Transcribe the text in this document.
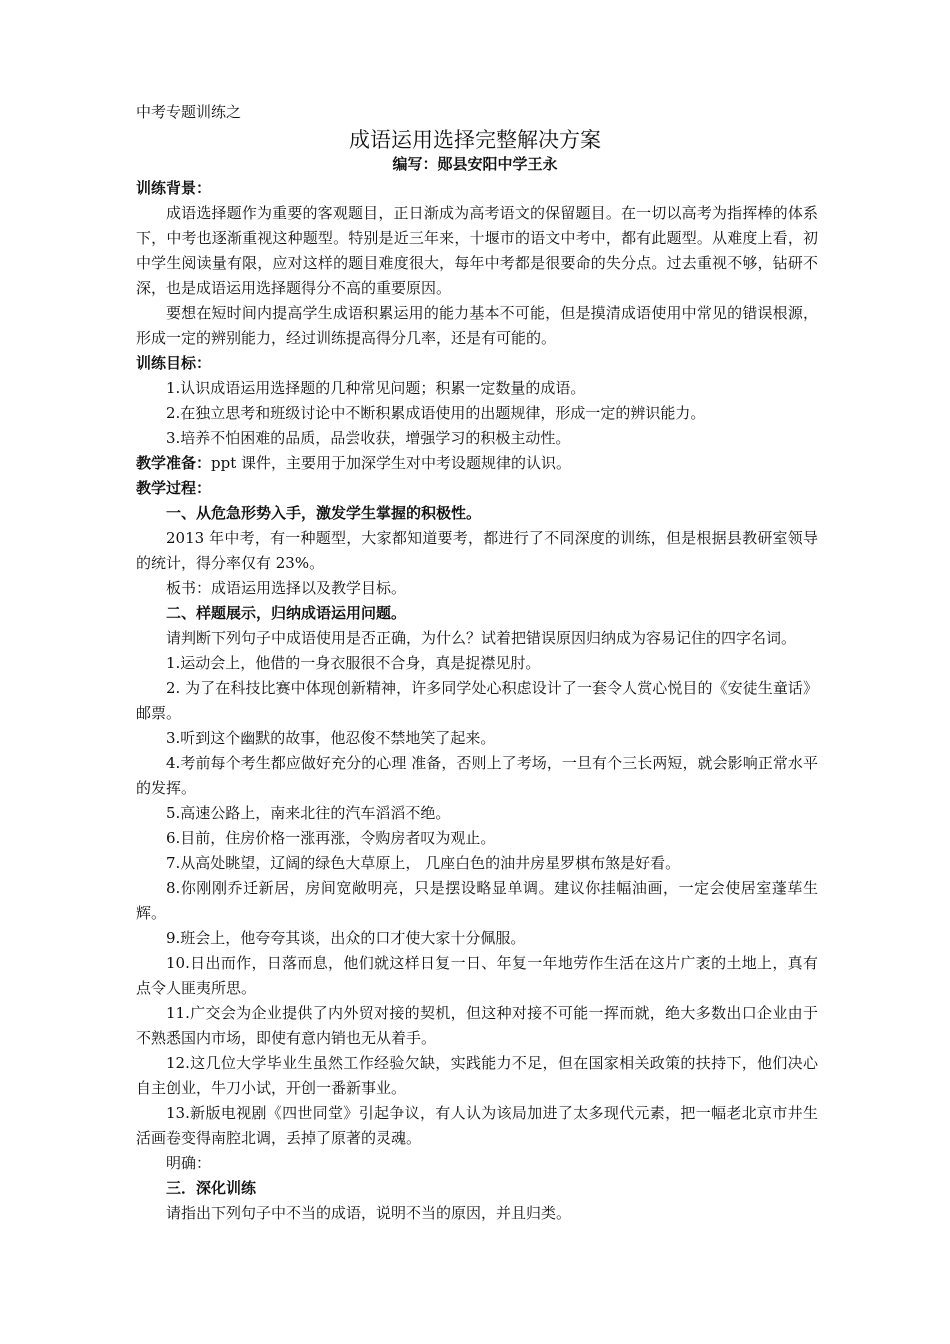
中考专题训练之
成语运用选择完整解决方案
编写：郧县安阳中学王永

训练背景：

成语选择题作为重要的客观题目，正日渐成为高考语文的保留题目。在一切以高考为指挥棒的体系下，中考也逐渐重视这种题型。特别是近三年来，十堰市的语文中考中，都有此题型。从难度上看，初中学生阅读量有限，应对这样的题目难度很大，每年中考都是很要命的失分点。过去重视不够，钻研不深，也是成语运用选择题得分不高的重要原因。

要想在短时间内提高学生成语积累运用的能力基本不可能，但是摸清成语使用中常见的错误根源，形成一定的辨别能力，经过训练提高得分几率，还是有可能的。

训练目标：

1.认识成语运用选择题的几种常见问题；积累一定数量的成语。

2.在独立思考和班级讨论中不断积累成语使用的出题规律，形成一定的辨识能力。

3.培养不怕困难的品质，品尝收获，增强学习的积极主动性。

教学准备：ppt 课件，主要用于加深学生对中考设题规律的认识。

教学过程：

一、从危急形势入手，激发学生掌握的积极性。

2013 年中考，有一种题型，大家都知道要考，都进行了不同深度的训练，但是根据县教研室领导的统计，得分率仅有 23%。

板书：成语运用选择以及教学目标。

二、样题展示，归纳成语运用问题。

请判断下列句子中成语使用是否正确，为什么？试着把错误原因归纳成为容易记住的四字名词。

1.运动会上，他借的一身衣服很不合身，真是捉襟见肘。

2. 为了在科技比赛中体现创新精神，许多同学处心积虑设计了一套令人赏心悦目的《安徒生童话》邮票。

3.听到这个幽默的故事，他忍俊不禁地笑了起来。

4.考前每个考生都应做好充分的心理 准备，否则上了考场，一旦有个三长两短，就会影响正常水平的发挥。

5.高速公路上，南来北往的汽车滔滔不绝。

6.目前，住房价格一涨再涨，令购房者叹为观止。

7.从高处眺望，辽阔的绿色大草原上， 几座白色的油井房星罗棋布煞是好看。

8.你刚刚乔迁新居，房间宽敞明亮，只是摆设略显单调。建议你挂幅油画，一定会使居室蓬荜生辉。

9.班会上，他夸夸其谈，出众的口才使大家十分佩服。

10.日出而作，日落而息，他们就这样日复一日、年复一年地劳作生活在这片广袤的土地上，真有点令人匪夷所思。

11.广交会为企业提供了内外贸对接的契机，但这种对接不可能一挥而就，绝大多数出口企业由于不熟悉国内市场，即使有意内销也无从着手。

12.这几位大学毕业生虽然工作经验欠缺，实践能力不足，但在国家相关政策的扶持下，他们决心自主创业，牛刀小试，开创一番新事业。

13.新版电视剧《四世同堂》引起争议，有人认为该局加进了太多现代元素，把一幅老北京市井生活画卷变得南腔北调，丢掉了原著的灵魂。

明确：

三．深化训练

请指出下列句子中不当的成语，说明不当的原因，并且归类。
